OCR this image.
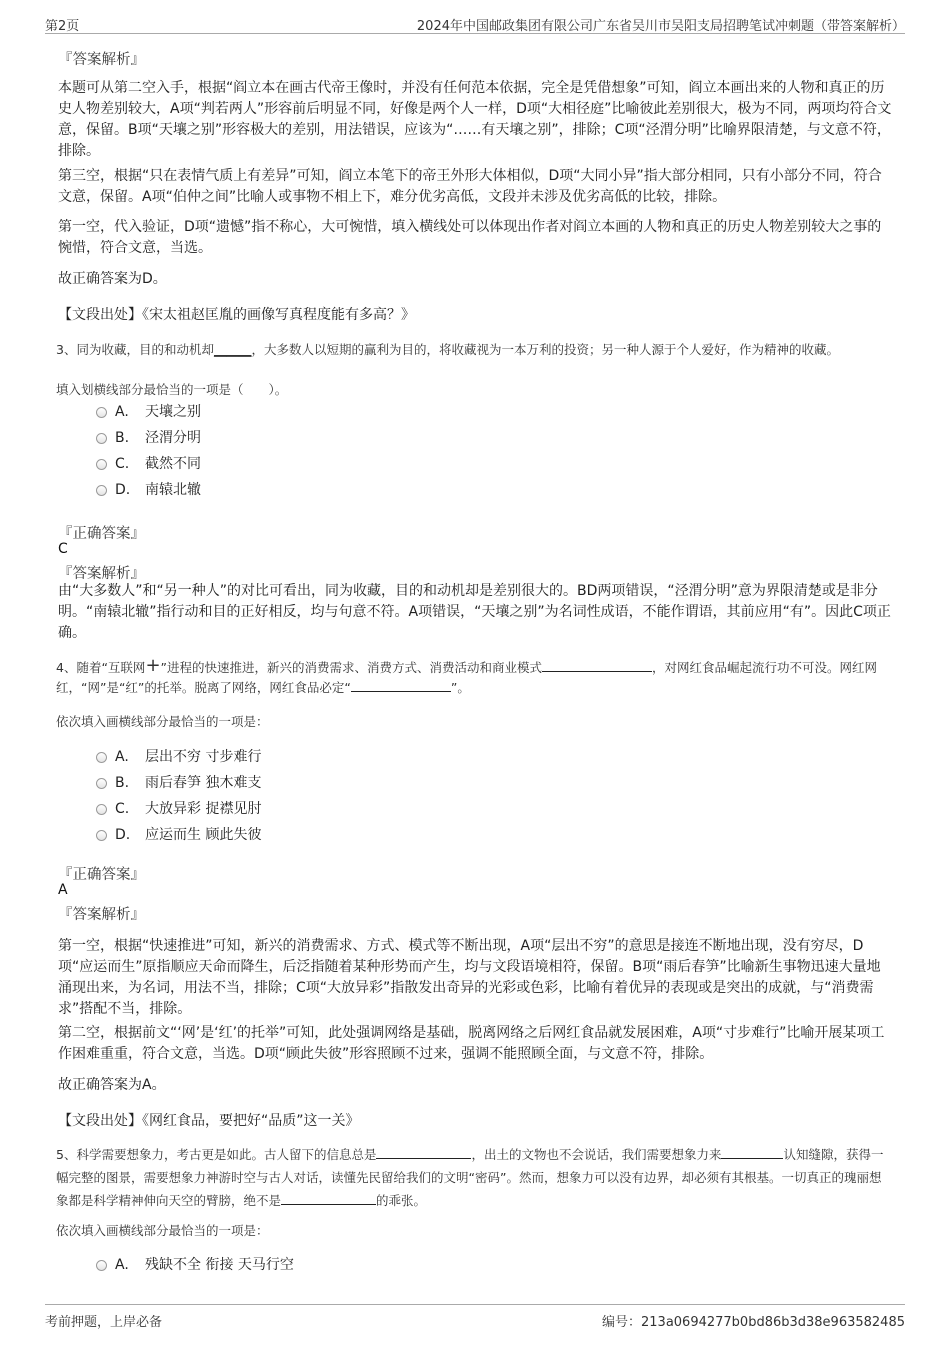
第2页	2024年中国邮政集团有限公司广东省吴川市吴阳支局招聘笔试冲刺题（带答案解析）
『答案解析』
本题可从第二空入手，根据“阎立本在画古代帝王像时，并没有任何范本依据，完全是凭借想象”可知，阎立本画出来的人物和真正的历史人物差别较大，A项“判若两人”形容前后明显不同，好像是两个人一样，D项“大相径庭”比喻彼此差别很大，极为不同，两项均符合文意，保留。B项“天壤之别”形容极大的差别，用法错误，应该为“……有天壤之别”，排除；C项“泾渭分明”比喻界限清楚，与文意不符，排除。
第三空，根据“只在表情气质上有差异”可知，阎立本笔下的帝王外形大体相似，D项“大同小异”指大部分相同，只有小部分不同，符合文意，保留。A项“伯仲之间”比喻人或事物不相上下，难分优劣高低，文段并未涉及优劣高低的比较，排除。
第一空，代入验证，D项“遗憾”指不称心，大可惋惜，填入横线处可以体现出作者对阎立本画的人物和真正的历史人物差别较大之事的惋惜，符合文意，当选。
故正确答案为D。
【文段出处】《宋太祖赵匡胤的画像写真程度能有多高？》
3、同为收藏，目的和动机却______，大多数人以短期的赢利为目的，将收藏视为一本万利的投资；另一种人源于个人爱好，作为精神的收藏。
填入划横线部分最恰当的一项是（　　）。
A. 天壤之别
B. 泾渭分明
C. 截然不同
D. 南辕北辙
『正确答案』
C
『答案解析』
由“大多数人”和“另一种人”的对比可看出，同为收藏，目的和动机却是差别很大的。BD两项错误，“泾渭分明”意为界限清楚或是非分明。“南辕北辙”指行动和目的正好相反，均与句意不符。A项错误，“天壤之别”为名词性成语，不能作谓语，其前应用“有”。因此C项正确。
4、随着“互联网+”进程的快速推进，新兴的消费需求、消费方式、消费活动和商业模式	，对网红食品崛起流行功不可没。网红网红，“网”是“红”的托举。脱离了网络，网红食品必定“	”。
依次填入画横线部分最恰当的一项是：
A. 层出不穷 寸步难行
B. 雨后春笋 独木难支
C. 大放异彩 捉襟见肘
D. 应运而生 顾此失彼
『正确答案』
A
『答案解析』
第一空，根据“快速推进”可知，新兴的消费需求、方式、模式等不断出现，A项“层出不穷”的意思是接连不断地出现，没有穷尽，D项“应运而生”原指顺应天命而降生，后泛指随着某种形势而产生，均与文段语境相符，保留。B项“雨后春笋”比喻新生事物迅速大量地涌现出来，为名词，用法不当，排除；C项“大放异彩”指散发出奇异的光彩或色彩，比喻有着优异的表现或是突出的成就，与“消费需求”搭配不当，排除。
第二空，根据前文“‘网’是‘红’的托举”可知，此处强调网络是基础，脱离网络之后网红食品就发展困难，A项“寸步难行”比喻开展某项工作困难重重，符合文意，当选。D项“顾此失彼”形容照顾不过来，强调不能照顾全面，与文意不符，排除。
故正确答案为A。
【文段出处】《网红食品，要把好“品质”这一关》
5、科学需要想象力，考古更是如此。古人留下的信息总是	，出土的文物也不会说话，我们需要想象力来	认知缝隙，获得一幅完整的图景，需要想象力神游时空与古人对话，读懂先民留给我们的文明“密码”。然而，想象力可以没有边界，却必须有其根基。一切真正的瑰丽想象都是科学精神伸向天空的臂膀，绝不是	的乖张。
依次填入画横线部分最恰当的一项是：
A. 残缺不全 衔接 天马行空
考前押题，上岸必备	编号：213a0694277b0bd86b3d38e963582485
